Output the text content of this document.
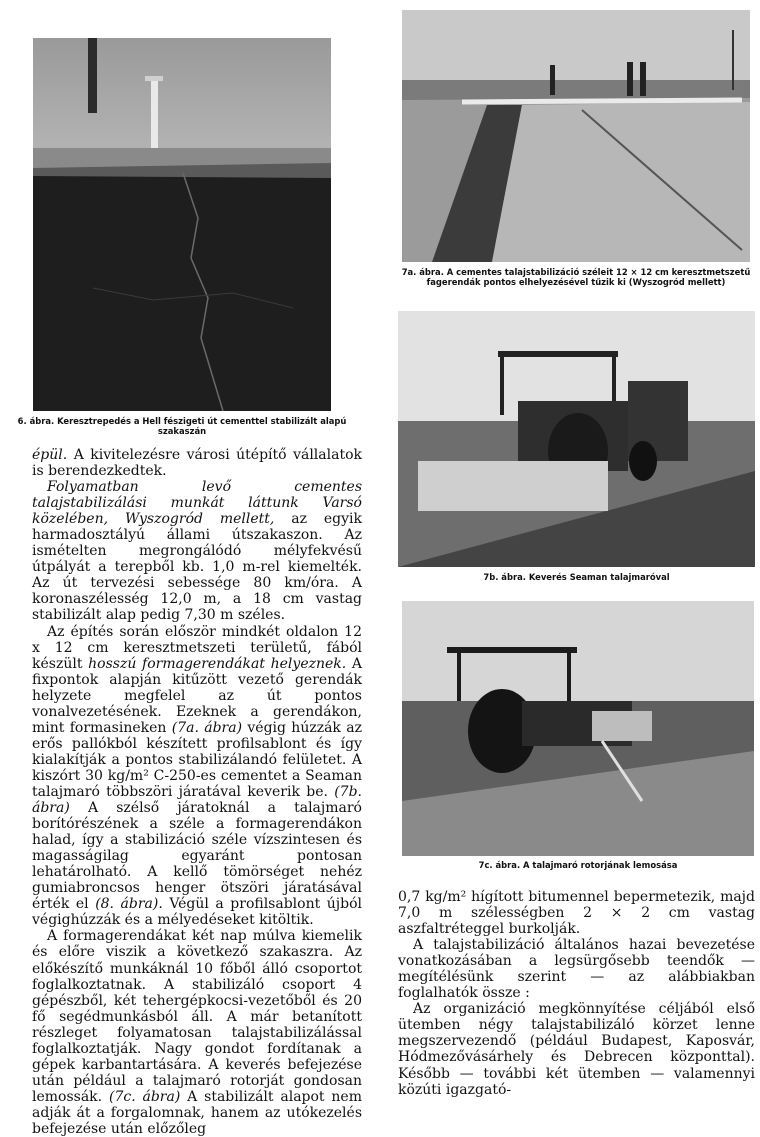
6. ábra. Keresztrepedés a Hell fészigeti út cementtel stabilizált alapú szakaszán
7a. ábra. A cementes talajstabilizáció széleit 12 × 12 cm keresztmetszetű fagerendák pontos elhelyezésével tűzik ki (Wyszogród mellett)
7b. ábra. Keverés Seaman talajmaróval
7c. ábra. A talajmaró rotorjának lemosása

épül. A kivitelezésre városi útépítő vállalatok is berendezkedtek.

Folyamatban levő cementes talajstabilizálási munkát láttunk Varsó közelében, Wyszogród mellett, az egyik harmadosztályú állami útszakaszon. Az ismételten megrongálódó mélyfekvésű útpályát a terepből kb. 1,0 m-rel kiemelték. Az út tervezési sebessége 80 km/óra. A koronaszélesség 12,0 m, a 18 cm vastag stabilizált alap pedig 7,30 m széles.

Az építés során először mindkét oldalon 12 x 12 cm keresztmetszeti területű, fából készült hosszú formagerendákat helyeznek. A fixpontok alapján kitűzött vezető gerendák helyzete megfelel az út pontos vonalvezetésének. Ezeknek a gerendákon, mint formasineken (7a. ábra) végig húzzák az erős pallókból készített profilsablont és így kialakítják a pontos stabilizálandó felületet. A kiszórt 30 kg/m² C-250-es cementet a Seaman talajmaró többszöri járatával keverik be. (7b. ábra) A szélső járatoknál a talajmaró borítórészének a széle a formagerendákon halad, így a stabilizáció széle vízszintesen és magasságilag egyaránt pontosan lehatárolható. A kellő tömörséget nehéz gumiabroncsos henger ötszöri járatásával érték el (8. ábra). Végül a profilsablont újból végighúzzák és a mélyedéseket kitöltik.

A formagerendákat két nap múlva kiemelik és előre viszik a következő szakaszra. Az előkészítő munkáknál 10 főből álló csoportot foglalkoztatnak. A stabilizáló csoport 4 gépészből, két tehergépkocsi-vezetőből és 20 fő segédmunkásból áll. A már betanított részleget folyamatosan talajstabilizálással foglalkoztatják. Nagy gondot fordítanak a gépek karbantartására. A keverés befejezése után például a talajmaró rotorját gondosan lemossák. (7c. ábra) A stabilizált alapot nem adják át a forgalomnak, hanem az utókezelés befejezése után előzőleg

0,7 kg/m² hígított bitumennel bepermetezik, majd 7,0 m szélességben 2 × 2 cm vastag aszfaltréteggel burkolják.

A talajstabilizáció általános hazai bevezetése vonatkozásában a legsürgősebb teendők — megítélésünk szerint — az alábbiakban foglalhatók össze :

Az organizáció megkönnyítése céljából első ütemben négy talajstabilizáló körzet lenne megszervezendő (például Budapest, Kaposvár, Hódmezővásárhely és Debrecen központtal). Később — további két ütemben — valamennyi közúti igazgató-
